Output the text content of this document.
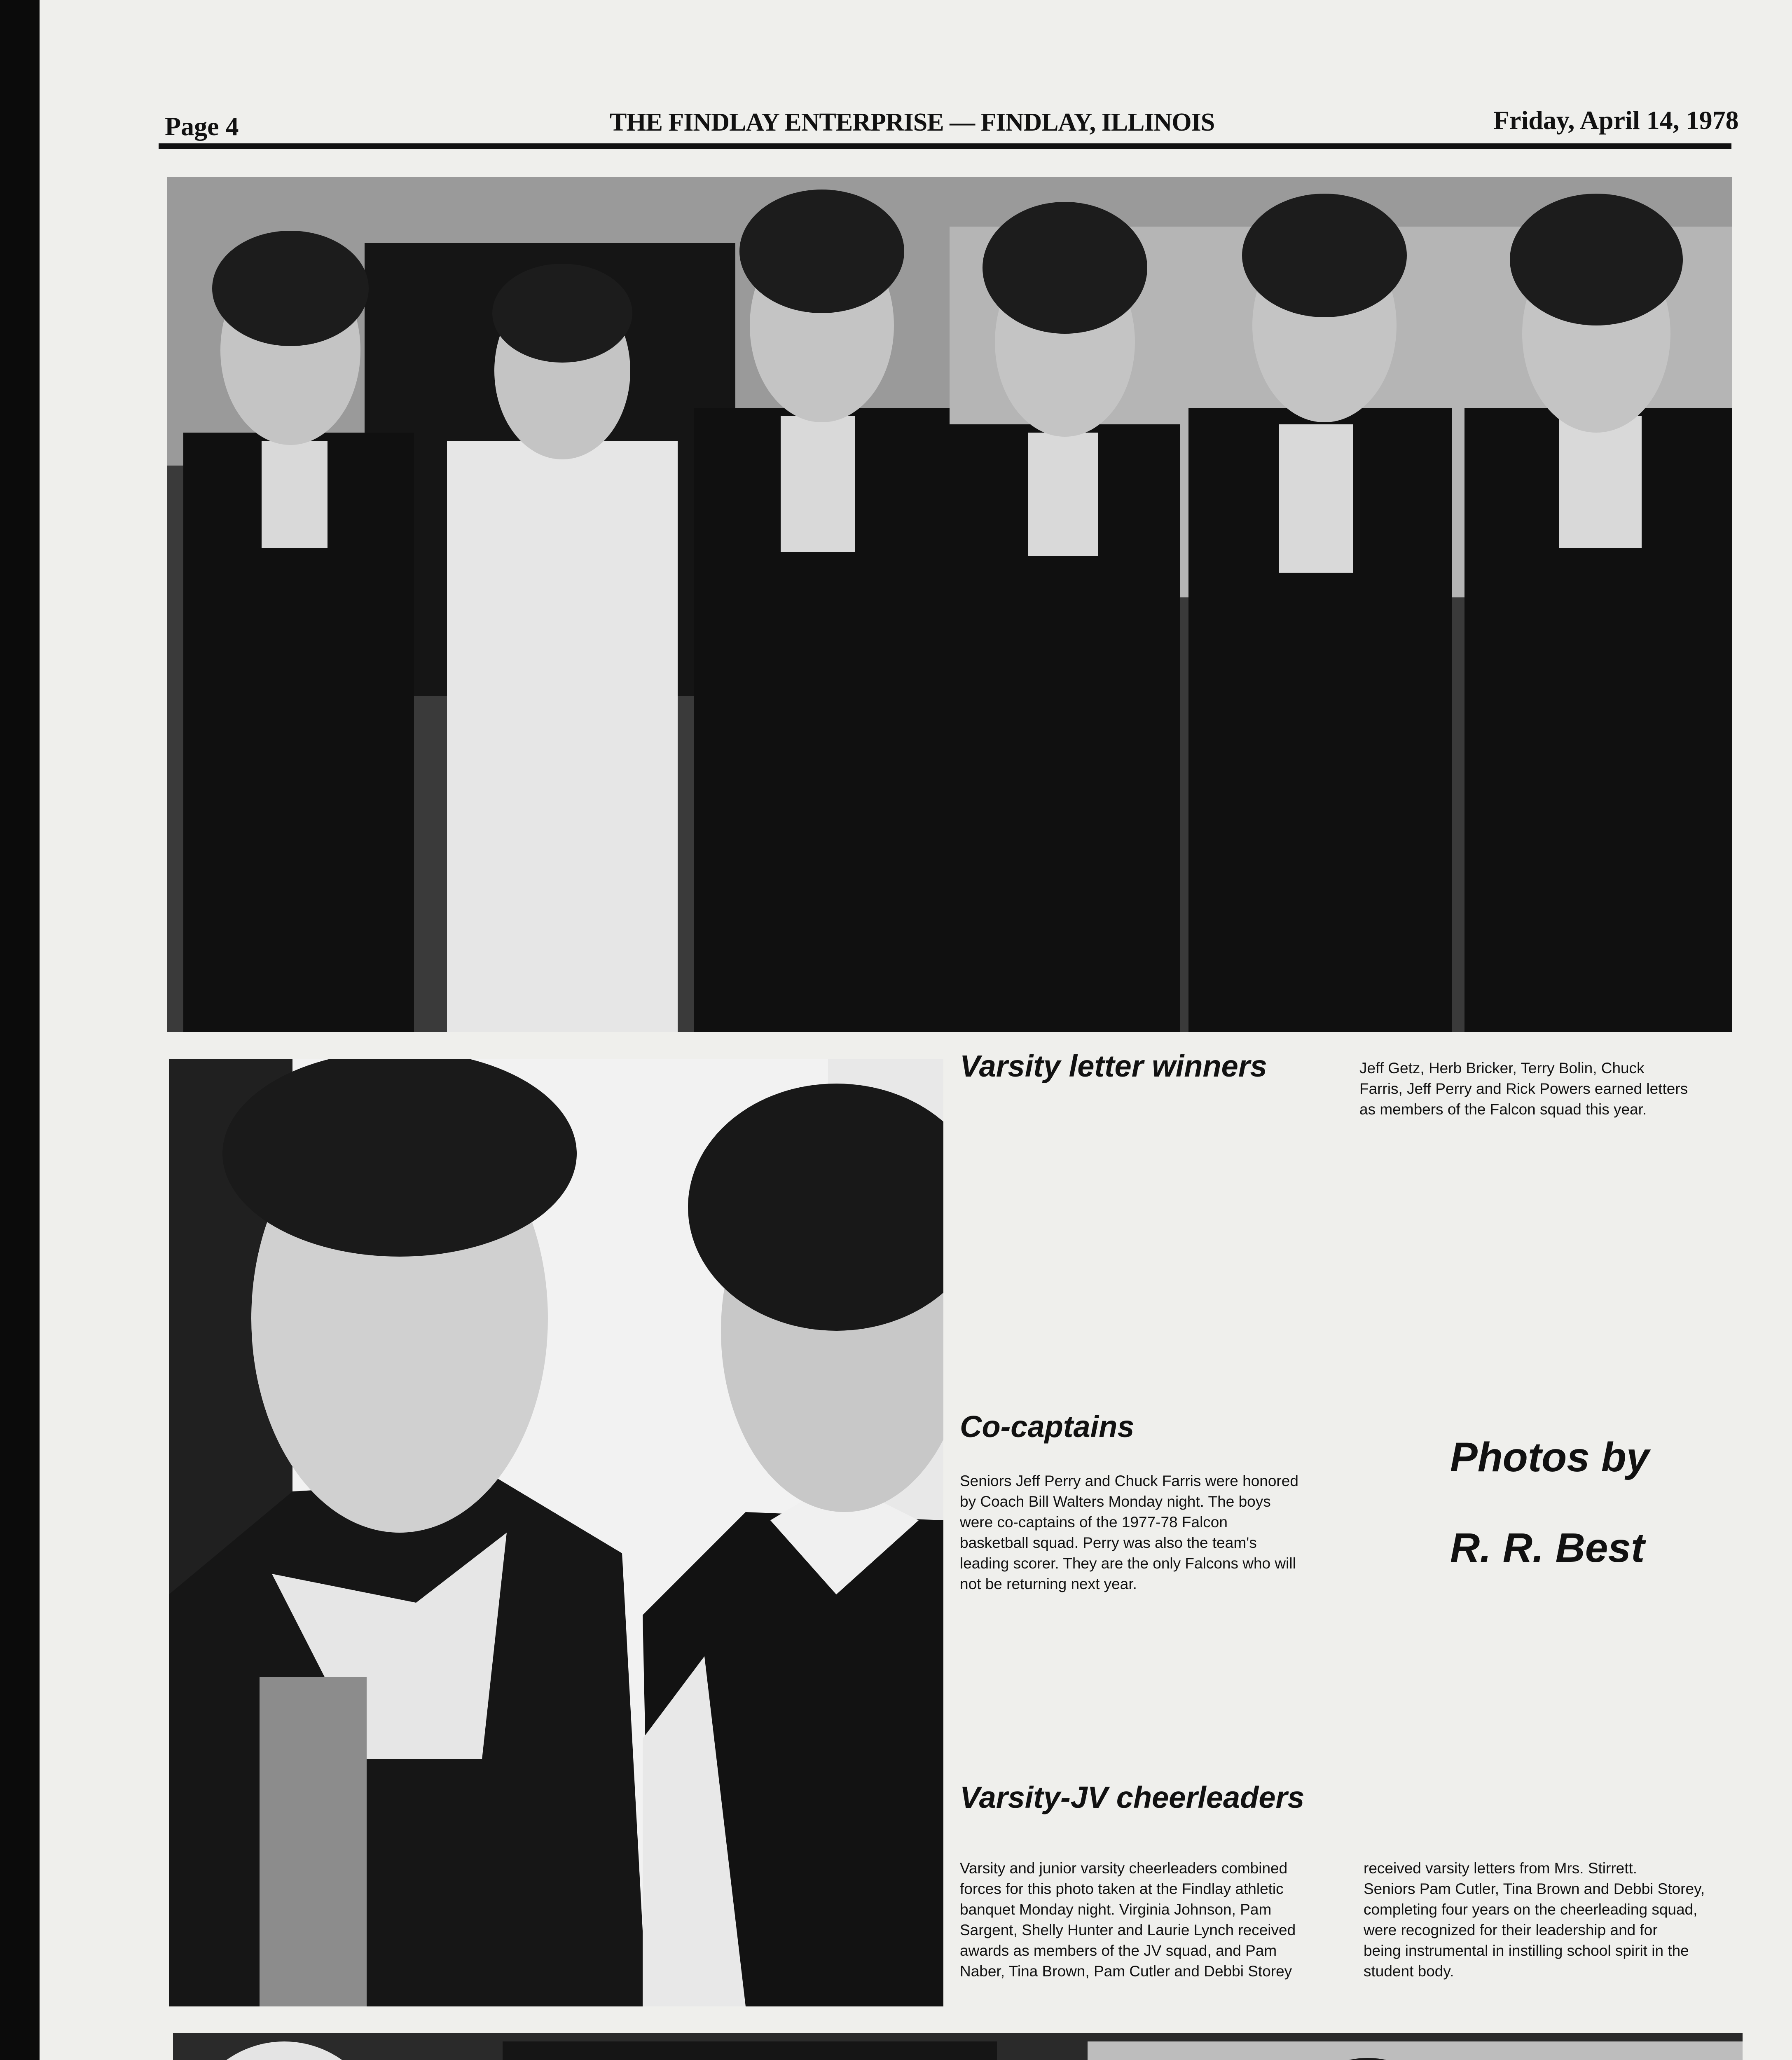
Page 4	THE FINDLAY ENTERPRISE — FINDLAY, ILLINOIS	Friday, April 14, 1978
Varsity letter winners	Jeff Getz, Herb Bricker, Terry Bolin, Chuck
Farris, Jeff Perry and Rick Powers earned letters
as members of the Falcon squad this year.
Co-captains
Seniors Jeff Perry and Chuck Farris were honored
by Coach Bill Walters Monday night. The boys
were co-captains of the 1977-78 Falcon
basketball squad. Perry was also the team's
leading scorer. They are the only Falcons who will
not be returning next year.
Photos by
R. R. Best
Varsity-JV cheerleaders
Varsity and junior varsity cheerleaders combined
forces for this photo taken at the Findlay athletic
banquet Monday night. Virginia Johnson, Pam
Sargent, Shelly Hunter and Laurie Lynch received
awards as members of the JV squad, and Pam
Naber, Tina Brown, Pam Cutler and Debbi Storey
received varsity letters from Mrs. Stirrett.
Seniors Pam Cutler, Tina Brown and Debbi Storey,
completing four years on the cheerleading squad,
were recognized for their leadership and for
being instrumental in instilling school spirit in the
student body.
